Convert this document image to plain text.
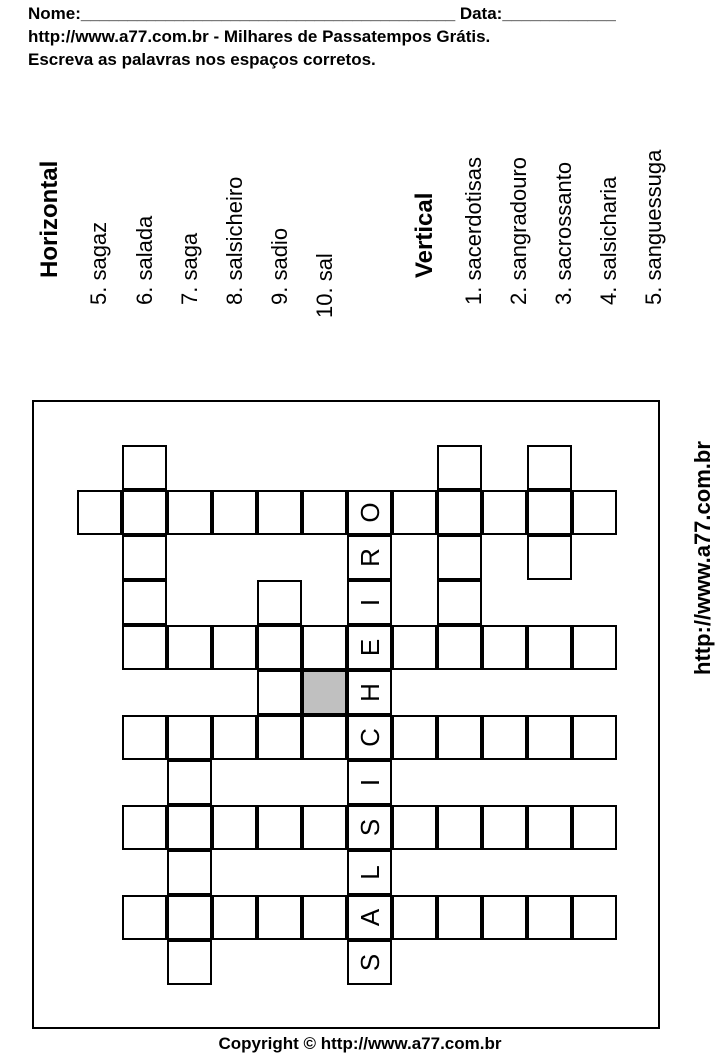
Nome:________________________________________ Data:____________
http://www.a77.com.br - Milhares de Passatempos Grátis.
Escreva as palavras nos espaços corretos.
Horizontal 5. sagaz 6. salada 7. saga 8. salsicheiro 9. sadio 10. sal
Vertical 1. sacerdotisas 2. sangradouro 3. sacrossanto 4. salsicharia 5. sanguessuga
http://www.a77.com.br
O
R
I
E
H
C
I
S
L
A
S
Copyright © http://www.a77.com.br
